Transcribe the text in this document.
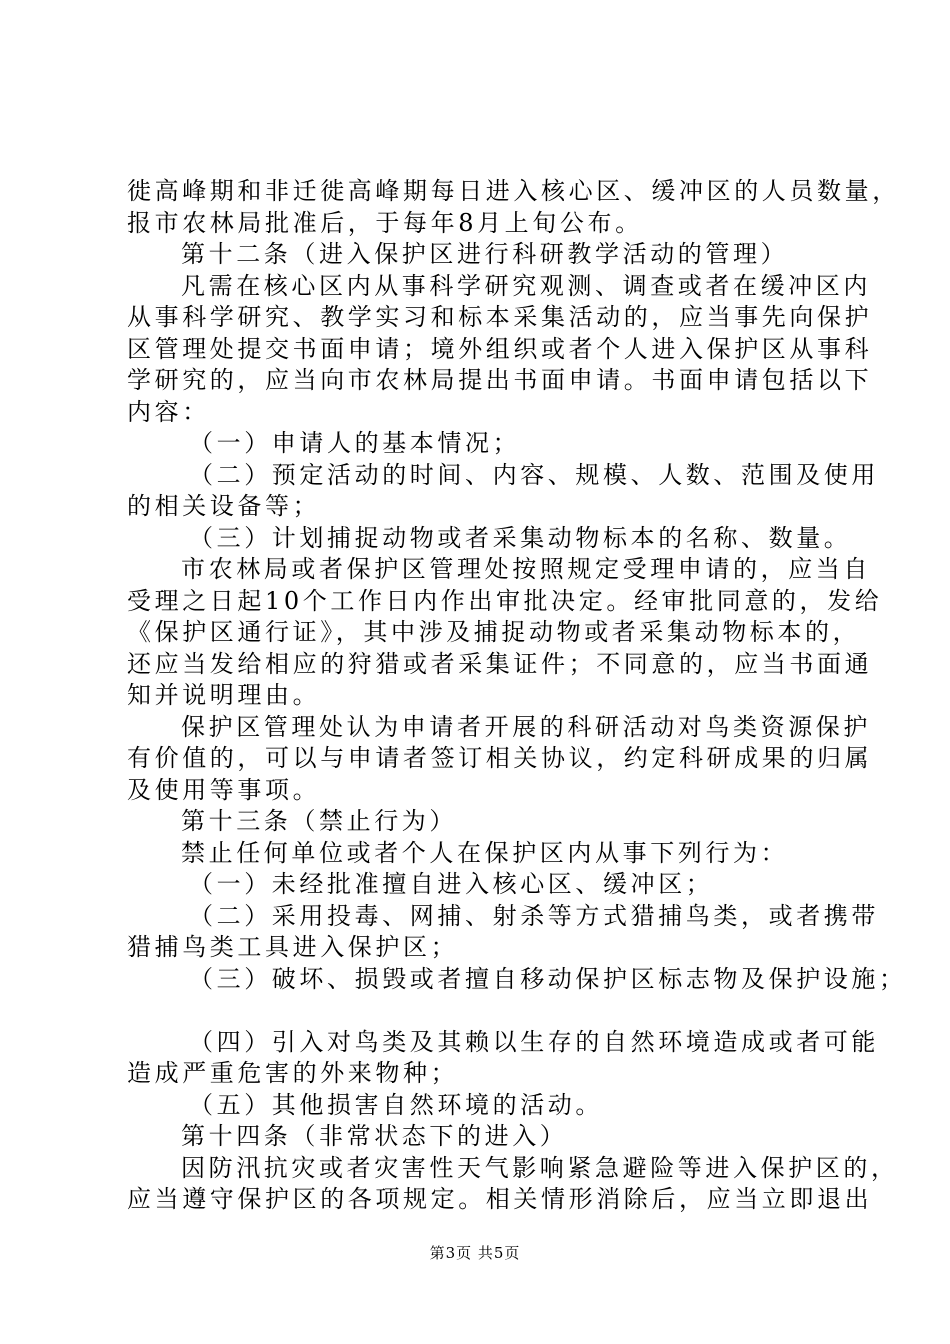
徙高峰期和非迁徙高峰期每日进入核心区、缓冲区的人员数量，
报市农林局批准后，于每年8月上旬公布。
第十二条（进入保护区进行科研教学活动的管理）
凡需在核心区内从事科学研究观测、调查或者在缓冲区内
从事科学研究、教学实习和标本采集活动的，应当事先向保护
区管理处提交书面申请；境外组织或者个人进入保护区从事科
学研究的，应当向市农林局提出书面申请。书面申请包括以下
内容：
（一）申请人的基本情况；
（二）预定活动的时间、内容、规模、人数、范围及使用
的相关设备等；
（三）计划捕捉动物或者采集动物标本的名称、数量。
市农林局或者保护区管理处按照规定受理申请的，应当自
受理之日起10个工作日内作出审批决定。经审批同意的，发给
《保护区通行证》，其中涉及捕捉动物或者采集动物标本的，
还应当发给相应的狩猎或者采集证件；不同意的，应当书面通
知并说明理由。
保护区管理处认为申请者开展的科研活动对鸟类资源保护
有价值的，可以与申请者签订相关协议，约定科研成果的归属
及使用等事项。
第十三条（禁止行为）
禁止任何单位或者个人在保护区内从事下列行为：
（一）未经批准擅自进入核心区、缓冲区；
（二）采用投毒、网捕、射杀等方式猎捕鸟类，或者携带
猎捕鸟类工具进入保护区；
（三）破坏、损毁或者擅自移动保护区标志物及保护设施；
（四）引入对鸟类及其赖以生存的自然环境造成或者可能
造成严重危害的外来物种；
（五）其他损害自然环境的活动。
第十四条（非常状态下的进入）
因防汛抗灾或者灾害性天气影响紧急避险等进入保护区的，
应当遵守保护区的各项规定。相关情形消除后，应当立即退出
第3页 共5页
